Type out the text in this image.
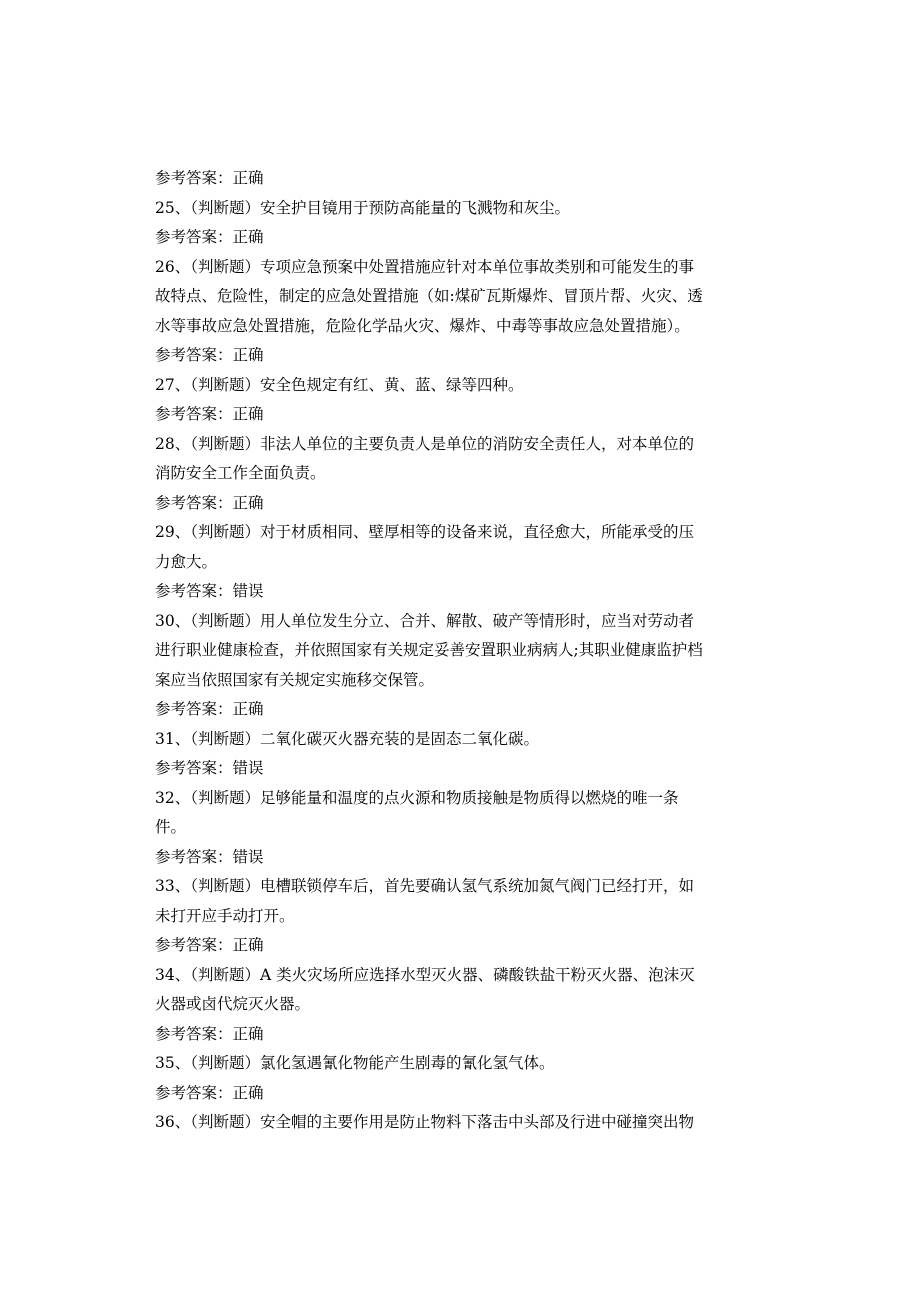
参考答案：正确
25、（判断题）安全护目镜用于预防高能量的飞溅物和灰尘。
参考答案：正确
26、（判断题）专项应急预案中处置措施应针对本单位事故类别和可能发生的事
故特点、危险性，制定的应急处置措施（如:煤矿瓦斯爆炸、冒顶片帮、火灾、透
水等事故应急处置措施，危险化学品火灾、爆炸、中毒等事故应急处置措施）。
参考答案：正确
27、（判断题）安全色规定有红、黄、蓝、绿等四种。
参考答案：正确
28、（判断题）非法人单位的主要负责人是单位的消防安全责任人，对本单位的
消防安全工作全面负责。
参考答案：正确
29、（判断题）对于材质相同、壁厚相等的设备来说，直径愈大，所能承受的压
力愈大。
参考答案：错误
30、（判断题）用人单位发生分立、合并、解散、破产等情形时，应当对劳动者
进行职业健康检查，并依照国家有关规定妥善安置职业病病人;其职业健康监护档
案应当依照国家有关规定实施移交保管。
参考答案：正确
31、（判断题）二氧化碳灭火器充装的是固态二氧化碳。
参考答案：错误
32、（判断题）足够能量和温度的点火源和物质接触是物质得以燃烧的唯一条
件。
参考答案：错误
33、（判断题）电槽联锁停车后，首先要确认氢气系统加氮气阀门已经打开，如
未打开应手动打开。
参考答案：正确
34、（判断题）A 类火灾场所应选择水型灭火器、磷酸铁盐干粉灭火器、泡沫灭
火器或卤代烷灭火器。
参考答案：正确
35、（判断题）氯化氢遇氰化物能产生剧毒的氰化氢气体。
参考答案：正确
36、（判断题）安全帽的主要作用是防止物料下落击中头部及行进中碰撞突出物
